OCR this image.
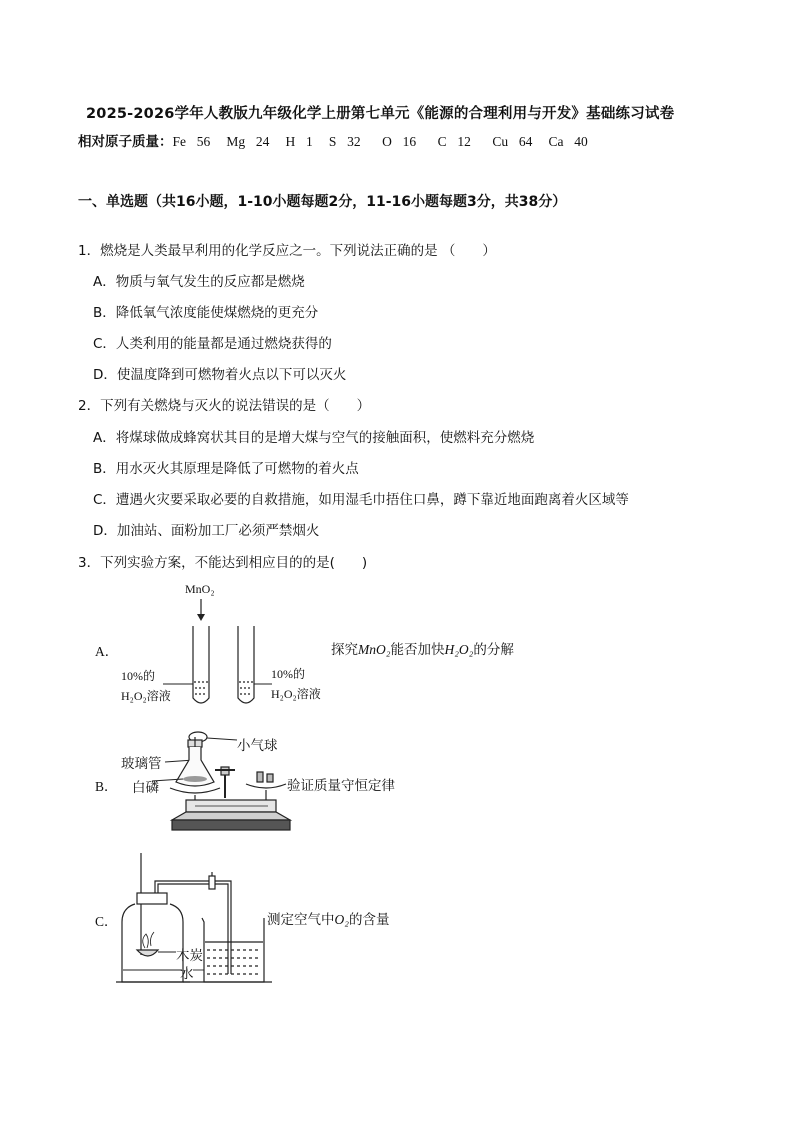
2025-2026学年人教版九年级化学上册第七单元《能源的合理利用与开发》基础练习试卷
相对原子质量：Fe  56   Mg  24   H  1   S  32    O  16    C  12    Cu  64   Ca  40
一、单选题（共16小题，1-10小题每题2分，11-16小题每题3分，共38分）
1．燃烧是人类最早利用的化学反应之一。下列说法正确的是 （　　）
A．物质与氧气发生的反应都是燃烧
B．降低氧气浓度能使煤燃烧的更充分
C．人类利用的能量都是通过燃烧获得的
D．使温度降到可燃物着火点以下可以灭火
2．下列有关燃烧与灭火的说法错误的是（　　）
A．将煤球做成蜂窝状其目的是增大煤与空气的接触面积，使燃料充分燃烧
B．用水灭火其原理是降低了可燃物的着火点
C．遭遇火灾要采取必要的自救措施，如用湿毛巾捂住口鼻，蹲下靠近地面跑离着火区域等
D．加油站、面粉加工厂必须严禁烟火
3．下列实验方案，不能达到相应目的的是(　　)
A．
MnO₂
10%的
H₂O₂溶液
10%的
H₂O₂溶液
探究MnO₂能否加快H₂O₂的分解
B．
小气球
玻璃管
白磷	验证质量守恒定律
C．
木炭
水
测定空气中O₂的含量
